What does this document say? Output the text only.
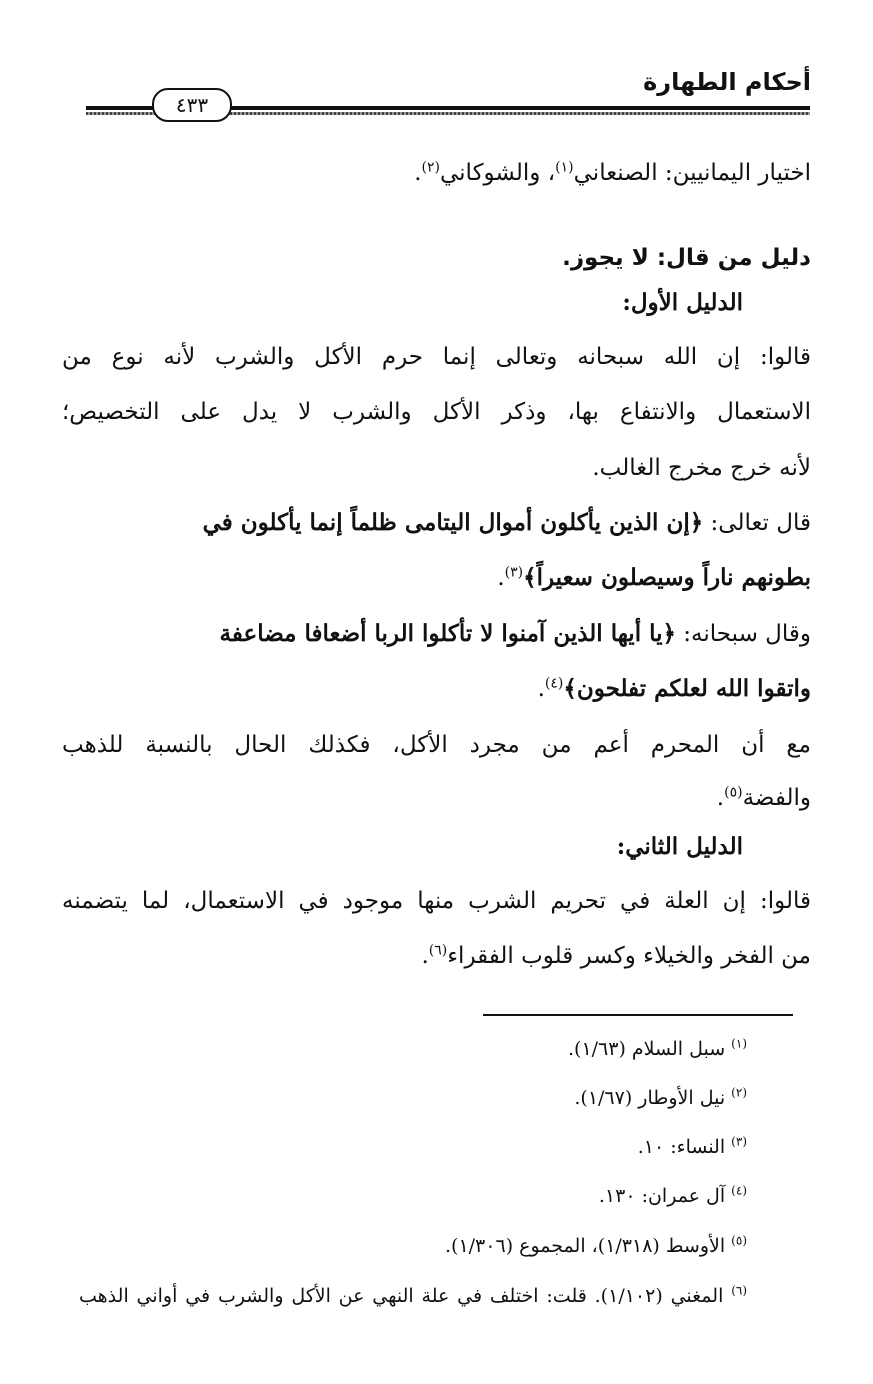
أحكام الطهارة
٤٣٣
اختيار اليمانيين: الصنعاني$^{(١)}$، والشوكاني$^{(٢)}$.
دليل من قال: لا يجوز.
الدليل الأول:
قالوا: إن الله سبحانه وتعالى إنما حرم الأكل والشرب لأنه نوع من
الاستعمال والانتفاع بها، وذكر الأكل والشرب لا يدل على التخصيص؛
لأنه خرج مخرج الغالب.
قال تعالى: ﴿إن الذين يأكلون أموال اليتامى ظلماً إنما يأكلون في
بطونهم ناراً وسيصلون سعيراً﴾$^{(٣)}$.
وقال سبحانه: ﴿يا أيها الذين آمنوا لا تأكلوا الربا أضعافا مضاعفة
واتقوا الله لعلكم تفلحون﴾$^{(٤)}$.
مع أن المحرم أعم من مجرد الأكل، فكذلك الحال بالنسبة للذهب
والفضة$^{(٥)}$.
الدليل الثاني:
قالوا: إن العلة في تحريم الشرب منها موجود في الاستعمال، لما يتضمنه
من الفخر والخيلاء وكسر قلوب الفقراء$^{(٦)}$.
$^{(١)}$ سبل السلام (١/٦٣).
$^{(٢)}$ نيل الأوطار (١/٦٧).
$^{(٣)}$ النساء: ١٠.
$^{(٤)}$ آل عمران: ١٣٠.
$^{(٥)}$ الأوسط (١/٣١٨)، المجموع (١/٣٠٦).
$^{(٦)}$ المغني (١/١٠٢). قلت: اختلف في علة النهي عن الأكل والشرب في أواني الذهب
